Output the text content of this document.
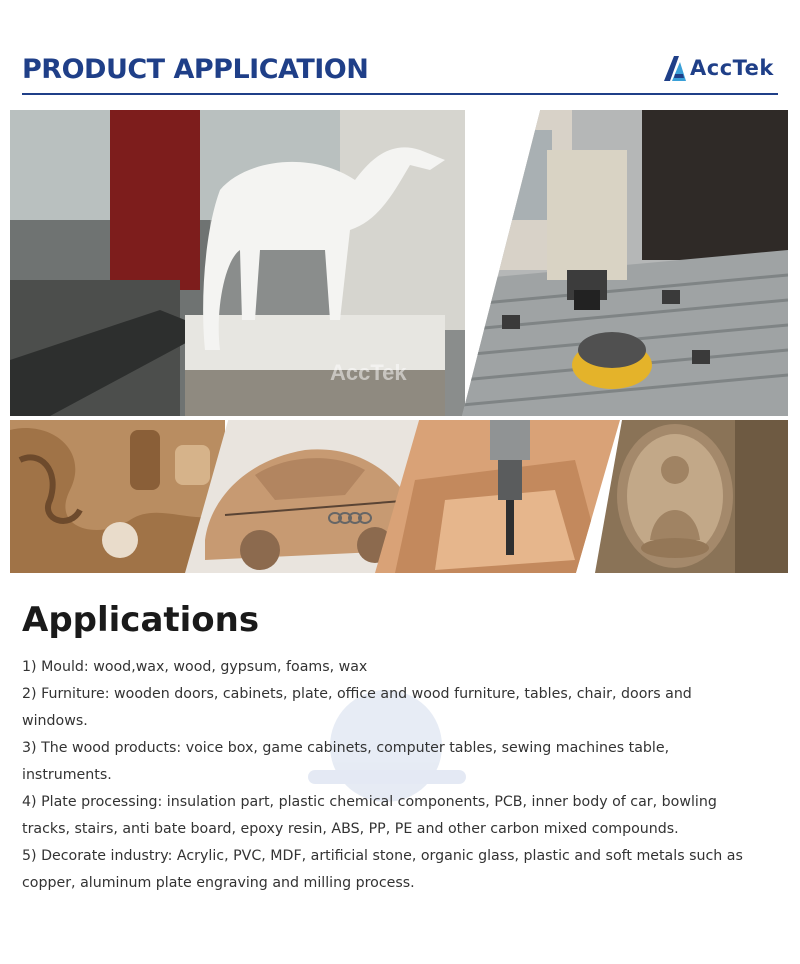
PRODUCT APPLICATION	AccTek
AccTek
Applications

1) Mould: wood,wax, wood, gypsum, foams, wax

2) Furniture: wooden doors, cabinets, plate, office and wood furniture, tables, chair, doors and windows.

3) The wood products: voice box, game cabinets, computer tables, sewing machines table, instruments.

4) Plate processing: insulation part, plastic chemical components, PCB, inner body of car, bowling tracks, stairs, anti bate board, epoxy resin, ABS, PP, PE and other carbon mixed compounds.

5) Decorate industry: Acrylic, PVC, MDF, artificial stone, organic glass, plastic and soft metals such as copper, aluminum plate engraving and milling process.
